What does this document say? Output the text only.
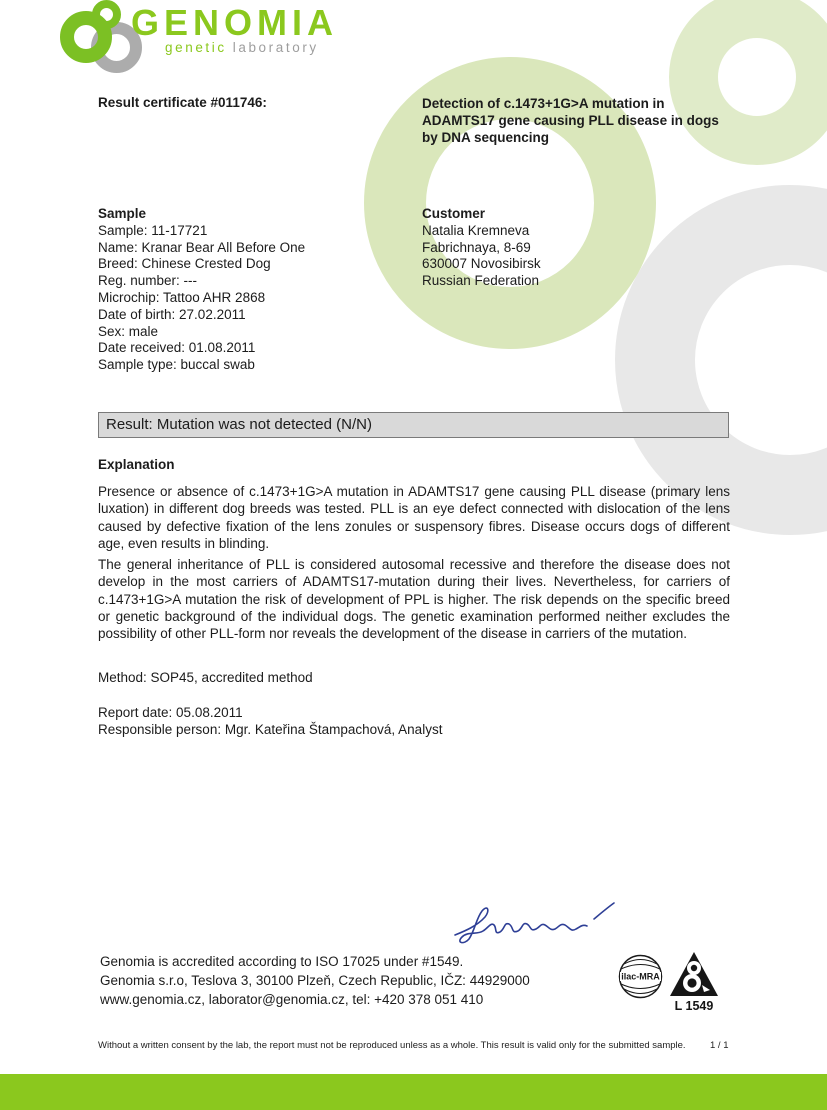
GENOMIA
genetic laboratory
Result certificate #011746:	Detection of c.1473+1G>A mutation in
ADAMTS17 gene causing PLL disease in dogs
by DNA sequencing
Sample
Sample: 11-17721
Name: Kranar Bear All Before One
Breed: Chinese Crested Dog
Reg. number: ---
Microchip: Tattoo AHR 2868
Date of birth: 27.02.2011
Sex: male
Date received: 01.08.2011
Sample type: buccal swab
Customer
Natalia Kremneva
Fabrichnaya, 8-69
630007 Novosibirsk
Russian Federation
Result: Mutation was not detected (N/N)
Explanation
Presence or absence of c.1473+1G>A mutation in ADAMTS17 gene causing PLL disease (primary lens luxation) in different dog breeds was tested. PLL is an eye defect connected with dislocation of the lens caused by defective fixation of the lens zonules or suspensory fibres. Disease occurs dogs of different age, even results in blinding.
The general inheritance of PLL is considered autosomal recessive and therefore the disease does not develop in the most carriers of ADAMTS17-mutation during their lives. Nevertheless, for carriers of c.1473+1G>A mutation the risk of development of PPL is higher. The risk depends on the specific breed or genetic background of the individual dogs. The genetic examination performed neither excludes the possibility of other PLL-form nor reveals the development of the disease in carriers of the mutation.
Method: SOP45, accredited method
Report date: 05.08.2011
Responsible person: Mgr. Kateřina Štampachová, Analyst
Genomia is accredited according to ISO 17025 under #1549.
Genomia s.r.o, Teslova 3, 30100 Plzeň, Czech Republic, IČZ: 44929000
www.genomia.cz, laborator@genomia.cz, tel: +420 378 051 410
ilac-MRA
L 1549
Without a written consent by the lab, the report must not be reproduced unless as a whole. This result is valid only for the submitted sample.	1 / 1
